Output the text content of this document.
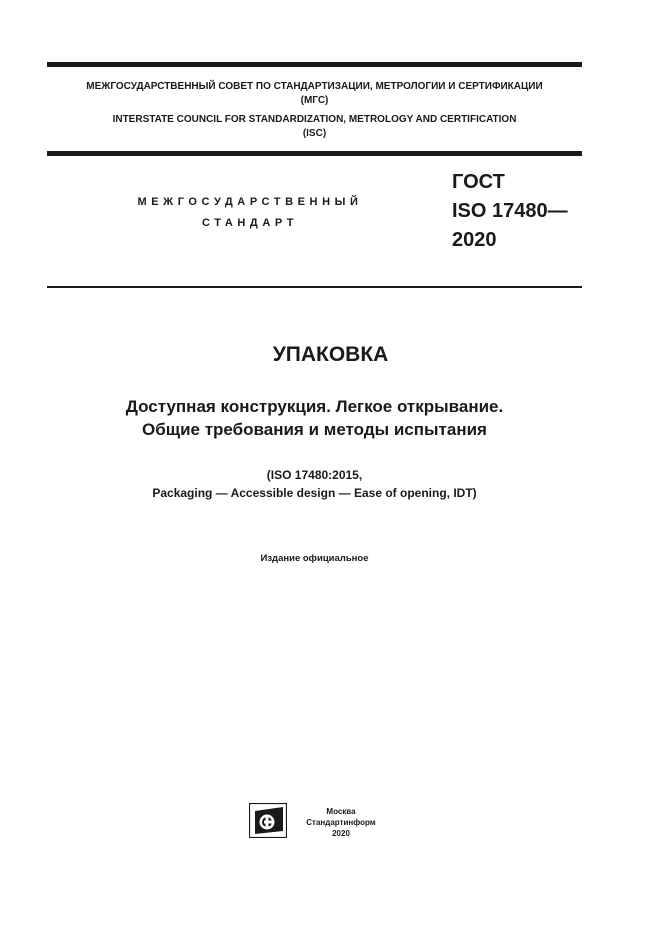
МЕЖГОСУДАРСТВЕННЫЙ СОВЕТ ПО СТАНДАРТИЗАЦИИ, МЕТРОЛОГИИ И СЕРТИФИКАЦИИ
(МГС)
INTERSTATE COUNCIL FOR STANDARDIZATION, METROLOGY AND CERTIFICATION
(ISC)
МЕЖГОСУДАРСТВЕННЫЙ
СТАНДАРТ
ГОСТ
ISO 17480—
2020
УПАКОВКА
Доступная конструкция. Легкое открывание.
Общие требования и методы испытания
(ISO 17480:2015,
Packaging — Accessible design — Ease of opening, IDT)
Издание официальное
Москва
Стандартинформ
2020
